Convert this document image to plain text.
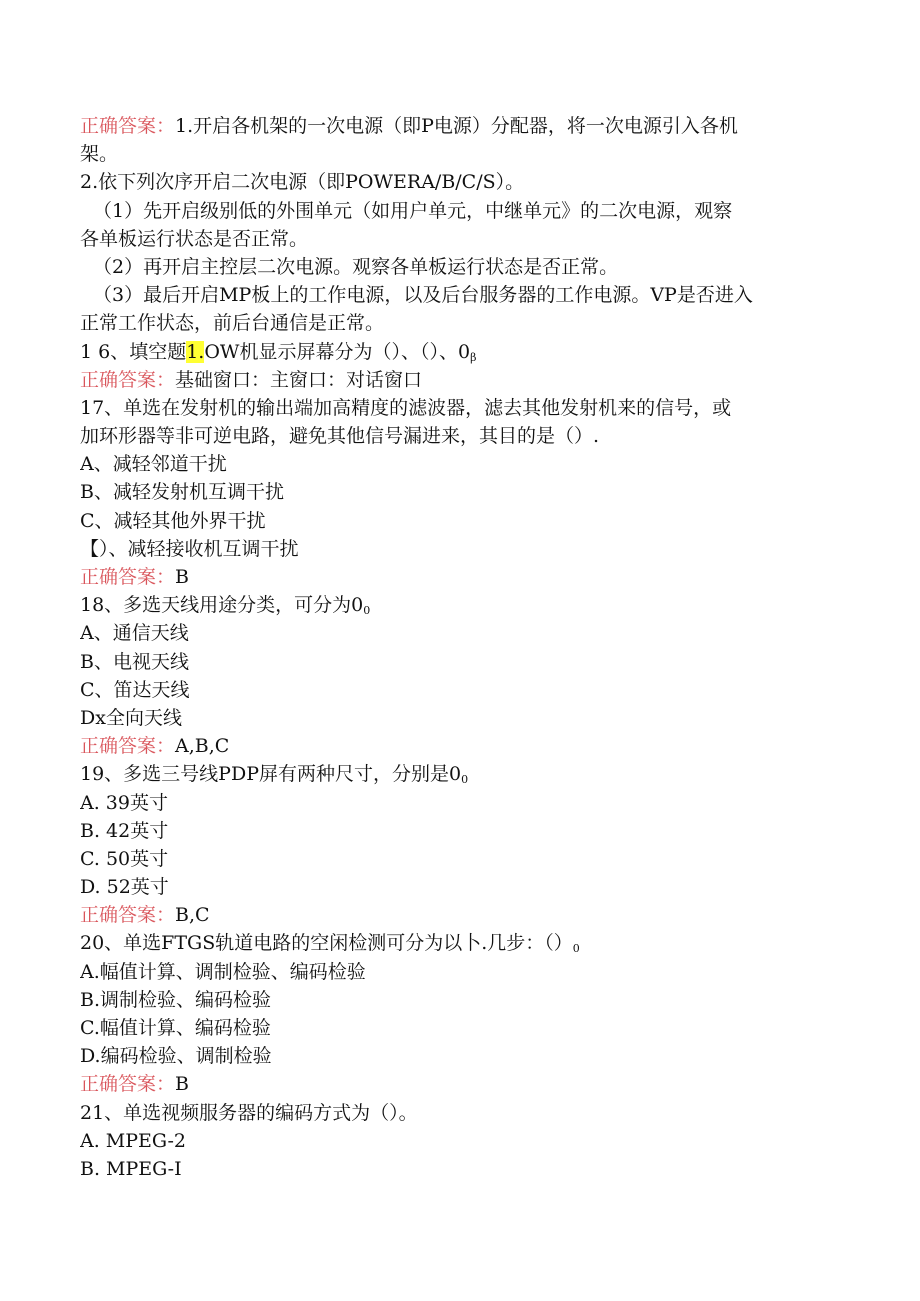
正确答案：1.开启各机架的一次电源（即P电源）分配器，将一次电源引入各机
架。
2.依下列次序开启二次电源（即POWERA/B/C/S）。
（1）先开启级别低的外围单元（如用户单元，中继单元》的二次电源，观察
各单板运行状态是否正常。
（2）再开启主控层二次电源。观察各单板运行状态是否正常。
（3）最后开启MP板上的工作电源，以及后台服务器的工作电源。VP是否进入
正常工作状态，前后台通信是正常。
1 6、填空题1.OW机显示屏幕分为（）、（）、$0_\beta$
正确答案：基础窗口：主窗口：对话窗口
17、单选在发射机的输出端加高精度的滤波器，滤去其他发射机来的信号，或
加环形器等非可逆电路，避免其他信号漏进来，其目的是（）.
A、减轻邻道干扰
B、减轻发射机互调干扰
C、减轻其他外界干扰
【）、减轻接收机互调干扰
正确答案：B
18、多选天线用途分类，可分为$0_0$
A、通信天线
B、电视天线
C、笛达天线
Dx全向天线
正确答案：A,B,C
19、多选三号线PDP屏有两种尺寸，分别是$0_0$
A. 39英寸
B. 42英寸
C. 50英寸
D. 52英寸
正确答案：B,C
20、单选FTGS轨道电路的空闲检测可分为以卜.几步：$()_0$
A.幅值计算、调制检验、编码检验
B.调制检验、编码检验
C.幅值计算、编码检验
D.编码检验、调制检验
正确答案：B
21、单选视频服务器的编码方式为（）。
A. MPEG-2
B. MPEG-I
